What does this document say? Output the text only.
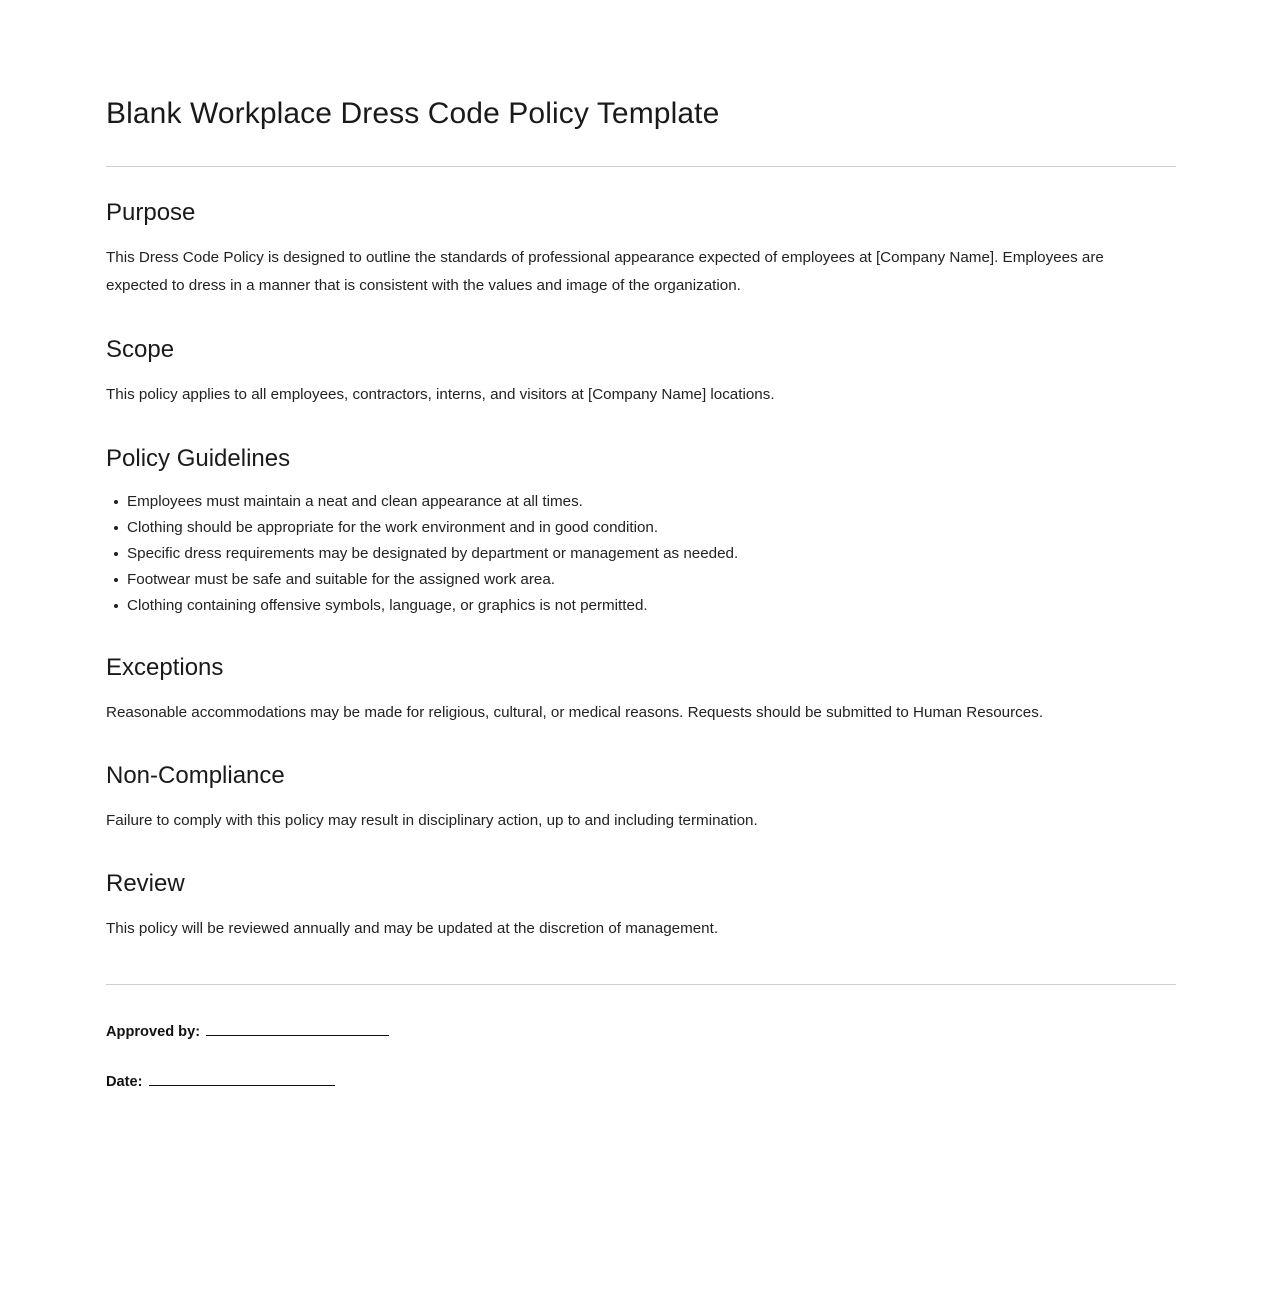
Blank Workplace Dress Code Policy Template
Purpose

This Dress Code Policy is designed to outline the standards of professional appearance expected of employees at [Company Name]. Employees are expected to dress in a manner that is consistent with the values and image of the organization.

Scope

This policy applies to all employees, contractors, interns, and visitors at [Company Name] locations.

Policy Guidelines
Employees must maintain a neat and clean appearance at all times.
Clothing should be appropriate for the work environment and in good condition.
Specific dress requirements may be designated by department or management as needed.
Footwear must be safe and suitable for the assigned work area.
Clothing containing offensive symbols, language, or graphics is not permitted.
Exceptions

Reasonable accommodations may be made for religious, cultural, or medical reasons. Requests should be submitted to Human Resources.

Non-Compliance

Failure to comply with this policy may result in disciplinary action, up to and including termination.

Review

This policy will be reviewed annually and may be updated at the discretion of management.

Approved by:
Date:
